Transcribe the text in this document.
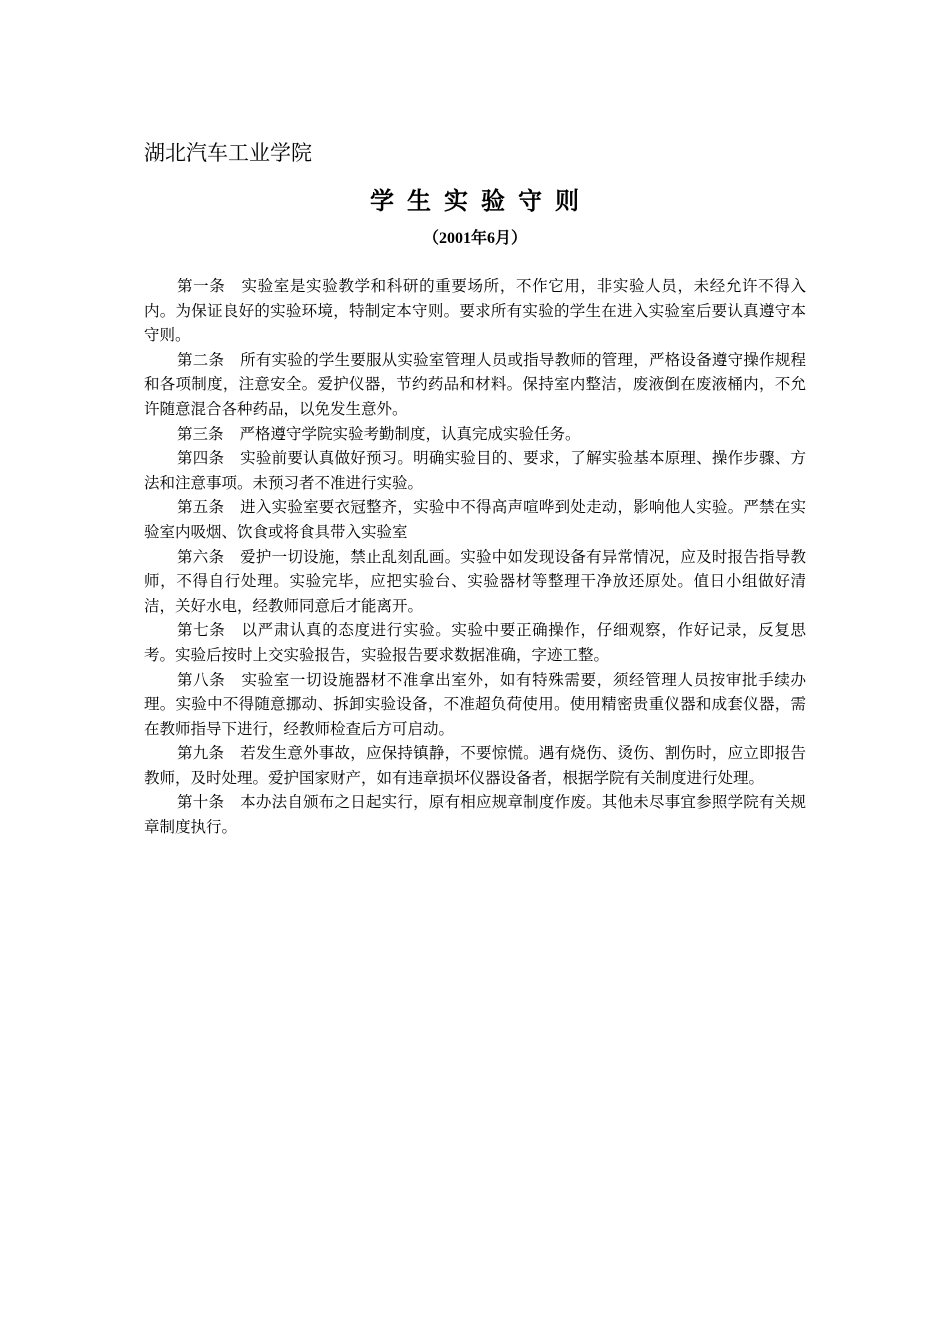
湖北汽车工业学院
学生实验守则
（2001年6月）

第一条 实验室是实验教学和科研的重要场所，不作它用，非实验人员，未经允许不得入内。为保证良好的实验环境，特制定本守则。要求所有实验的学生在进入实验室后要认真遵守本守则。

第二条 所有实验的学生要服从实验室管理人员或指导教师的管理，严格设备遵守操作规程和各项制度，注意安全。爱护仪器，节约药品和材料。保持室内整洁，废液倒在废液桶内，不允许随意混合各种药品，以免发生意外。

第三条 严格遵守学院实验考勤制度，认真完成实验任务。

第四条 实验前要认真做好预习。明确实验目的、要求，了解实验基本原理、操作步骤、方法和注意事项。未预习者不准进行实验。

第五条 进入实验室要衣冠整齐，实验中不得高声喧哗到处走动，影响他人实验。严禁在实验室内吸烟、饮食或将食具带入实验室

第六条 爱护一切设施，禁止乱刻乱画。实验中如发现设备有异常情况，应及时报告指导教师，不得自行处理。实验完毕，应把实验台、实验器材等整理干净放还原处。值日小组做好清洁，关好水电，经教师同意后才能离开。

第七条 以严肃认真的态度进行实验。实验中要正确操作，仔细观察，作好记录，反复思考。实验后按时上交实验报告，实验报告要求数据准确，字迹工整。

第八条 实验室一切设施器材不准拿出室外，如有特殊需要，须经管理人员按审批手续办理。实验中不得随意挪动、拆卸实验设备，不准超负荷使用。使用精密贵重仪器和成套仪器，需在教师指导下进行，经教师检查后方可启动。

第九条 若发生意外事故，应保持镇静，不要惊慌。遇有烧伤、烫伤、割伤时，应立即报告教师，及时处理。爱护国家财产，如有违章损坏仪器设备者，根据学院有关制度进行处理。

第十条 本办法自颁布之日起实行，原有相应规章制度作废。其他未尽事宜参照学院有关规章制度执行。
